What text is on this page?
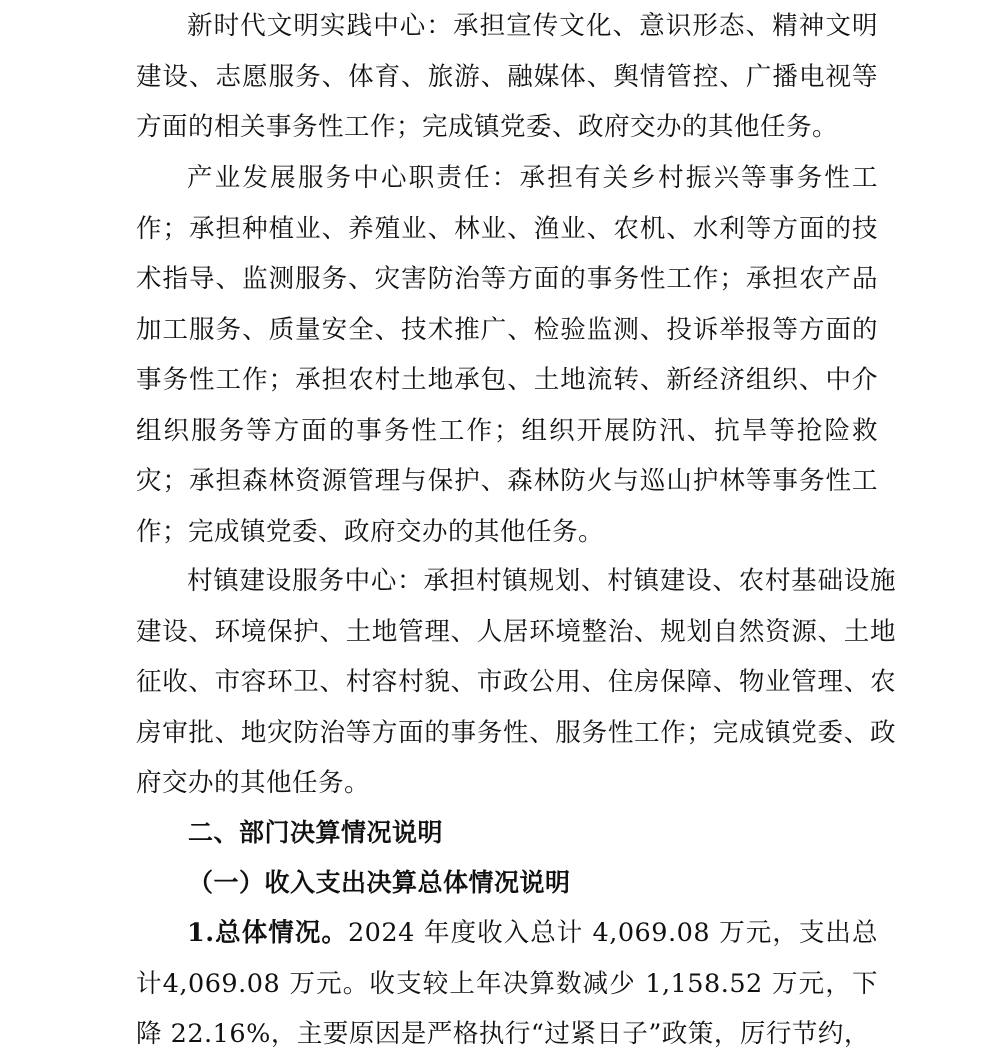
新时代文明实践中心：承担宣传文化、意识形态、精神文明建设、志愿服务、体育、旅游、融媒体、舆情管控、广播电视等方面的相关事务性工作；完成镇党委、政府交办的其他任务。

产业发展服务中心职责任：承担有关乡村振兴等事务性工作；承担种植业、养殖业、林业、渔业、农机、水利等方面的技术指导、监测服务、灾害防治等方面的事务性工作；承担农产品加工服务、质量安全、技术推广、检验监测、投诉举报等方面的事务性工作；承担农村土地承包、土地流转、新经济组织、中介组织服务等方面的事务性工作；组织开展防汛、抗旱等抢险救灾；承担森林资源管理与保护、森林防火与巡山护林等事务性工作；完成镇党委、政府交办的其他任务。

村镇建设服务中心：承担村镇规划、村镇建设、农村基础设施建设、环境保护、土地管理、人居环境整治、规划自然资源、土地征收、市容环卫、村容村貌、市政公用、住房保障、物业管理、农房审批、地灾防治等方面的事务性、服务性工作；完成镇党委、政府交办的其他任务。

二、部门决算情况说明
（一）收入支出决算总体情况说明

1.总体情况。2024 年度收入总计 4,069.08 万元，支出总计4,069.08 万元。收支较上年决算数减少 1,158.52 万元，下降 22.16%，主要原因是严格执行“过紧日子”政策，厉行节约，
